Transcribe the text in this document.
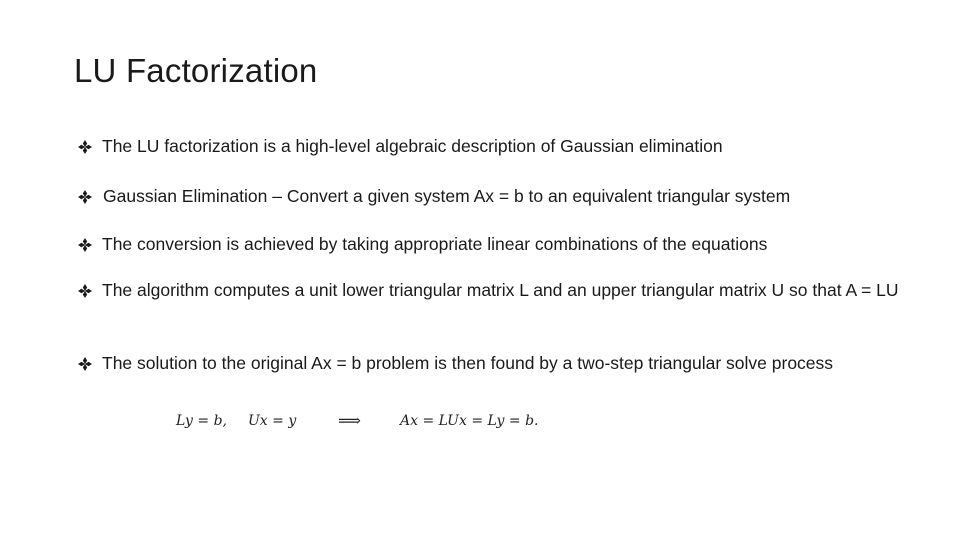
LU Factorization
The LU factorization is a high-level algebraic description of Gaussian elimination
Gaussian Elimination – Convert a given system Ax = b to an equivalent triangular system
The conversion is achieved by taking appropriate linear combinations of the equations
The algorithm computes a unit lower triangular matrix L and an upper triangular matrix U so that A = LU
The solution to the original Ax = b problem is then found by a two-step triangular solve process
Ly = b, Ux = y	⟹	Ax = LUx = Ly = b.
